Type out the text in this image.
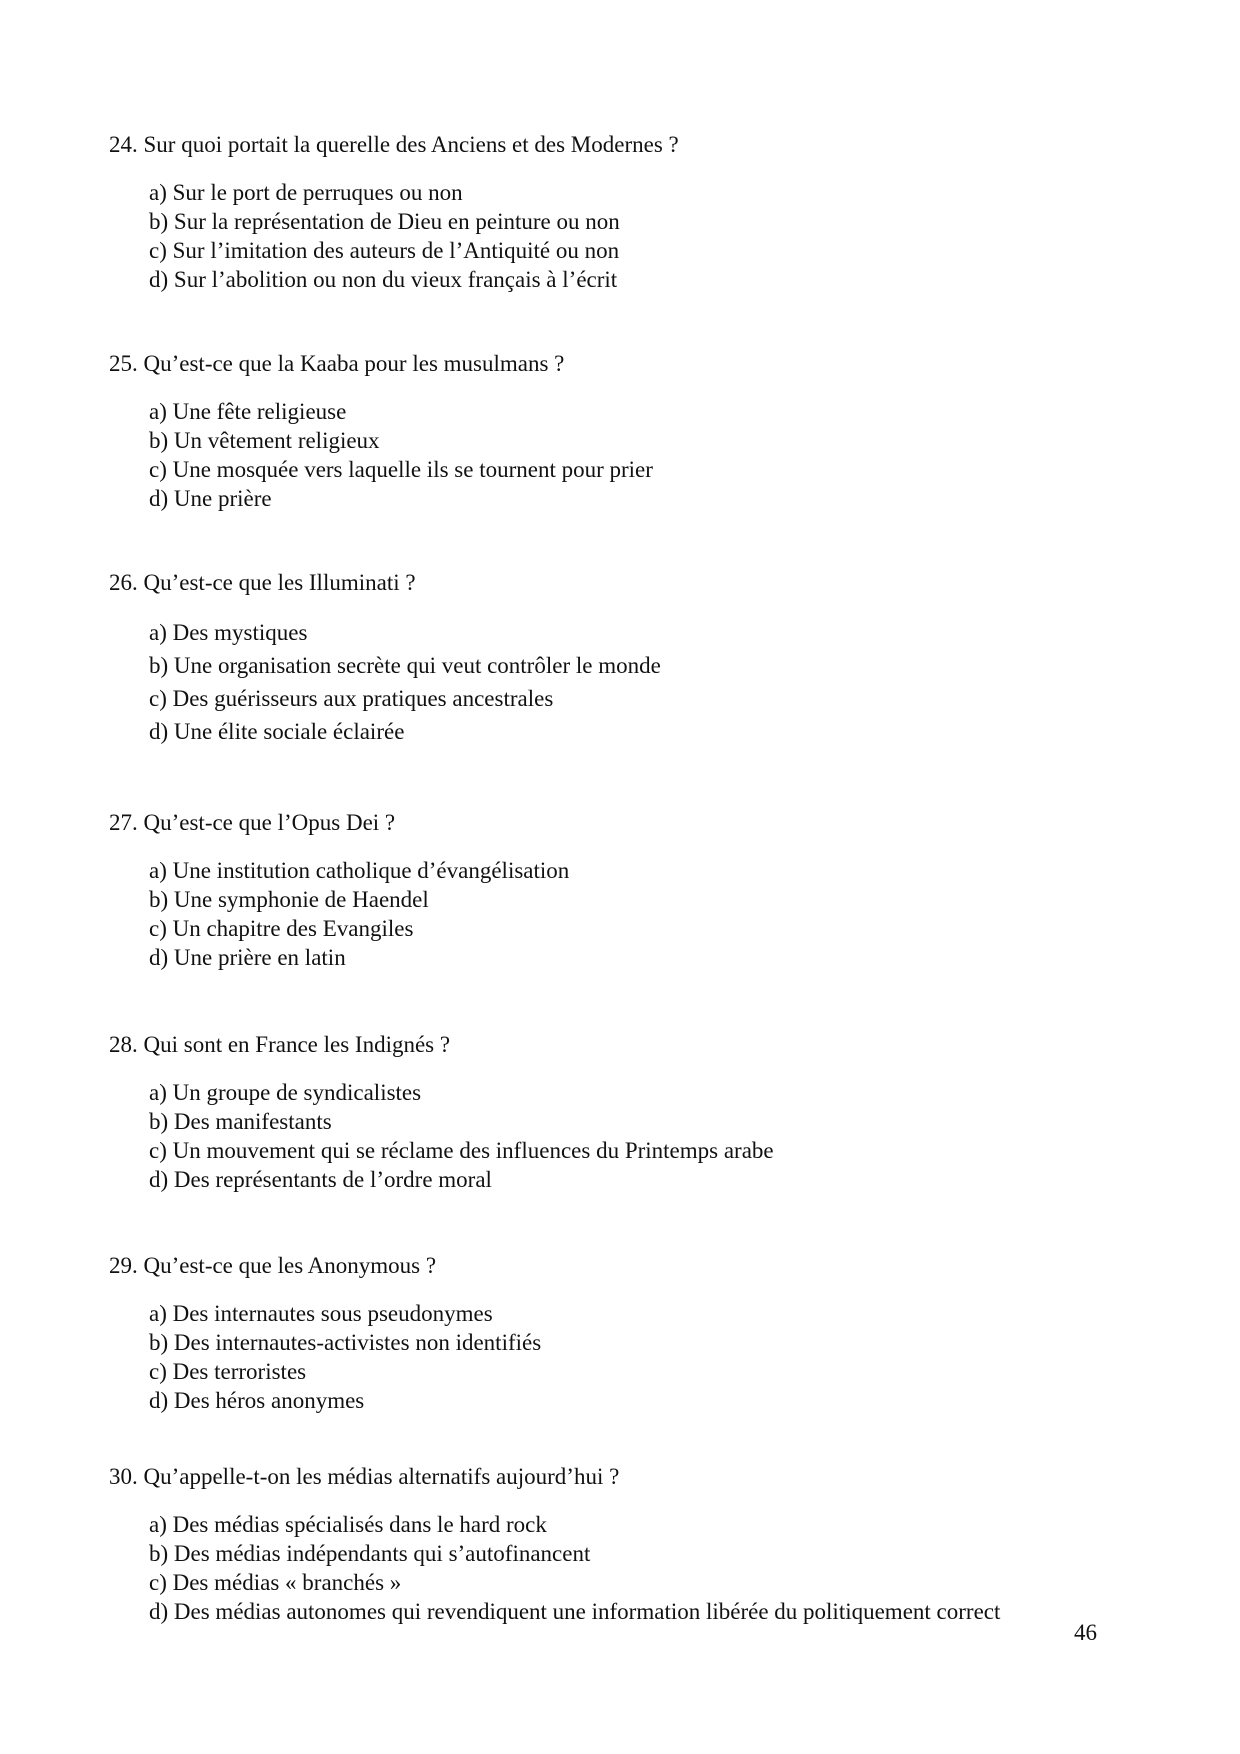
24. Sur quoi portait la querelle des Anciens et des Modernes ?

a) Sur le port de perruques ou non
b) Sur la représentation de Dieu en peinture ou non
c) Sur l’imitation des auteurs de l’Antiquité ou non
d) Sur l’abolition ou non du vieux français à l’écrit

25. Qu’est-ce que la Kaaba pour les musulmans ?

a) Une fête religieuse
b) Un vêtement religieux
c) Une mosquée vers laquelle ils se tournent pour prier
d) Une prière

26. Qu’est-ce que les Illuminati ?

a) Des mystiques
b) Une organisation secrète qui veut contrôler le monde
c) Des guérisseurs aux pratiques ancestrales
d) Une élite sociale éclairée

27. Qu’est-ce que l’Opus Dei ?

a) Une institution catholique d’évangélisation
b) Une symphonie de Haendel
c) Un chapitre des Evangiles
d) Une prière en latin

28. Qui sont en France les Indignés ?

a) Un groupe de syndicalistes
b) Des manifestants
c) Un mouvement qui se réclame des influences du Printemps arabe
d) Des représentants de l’ordre moral

29. Qu’est-ce que les Anonymous ?

a) Des internautes sous pseudonymes
b) Des internautes-activistes non identifiés
c) Des terroristes
d) Des héros anonymes

30. Qu’appelle-t-on les médias alternatifs aujourd’hui ?

a) Des médias spécialisés dans le hard rock
b) Des médias indépendants qui s’autofinancent
c) Des médias « branchés »
d) Des médias autonomes qui revendiquent une information libérée du politiquement correct
46
